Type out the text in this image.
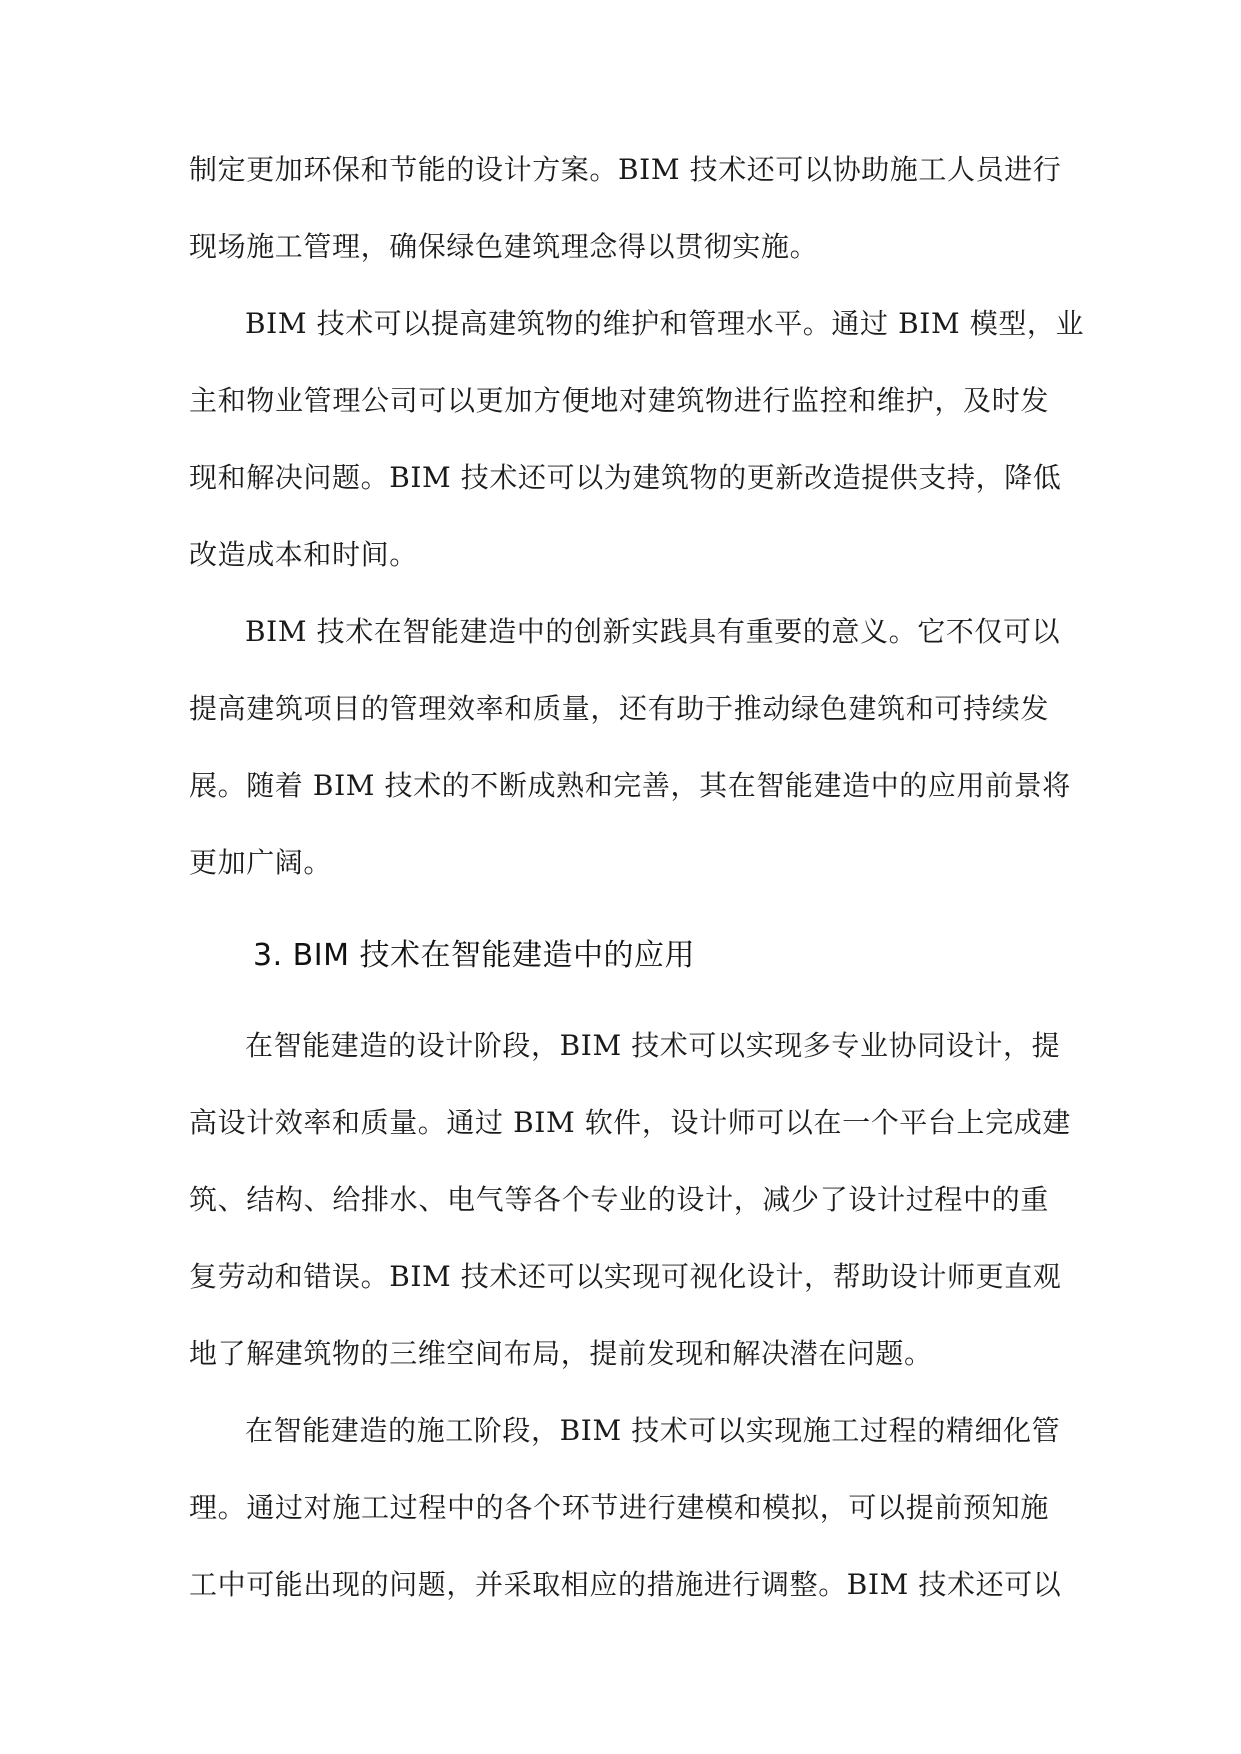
制定更加环保和节能的设计方案。BIM 技术还可以协助施工人员进行
现场施工管理，确保绿色建筑理念得以贯彻实施。
BIM 技术可以提高建筑物的维护和管理水平。通过 BIM 模型，业
主和物业管理公司可以更加方便地对建筑物进行监控和维护，及时发
现和解决问题。BIM 技术还可以为建筑物的更新改造提供支持，降低
改造成本和时间。
BIM 技术在智能建造中的创新实践具有重要的意义。它不仅可以
提高建筑项目的管理效率和质量，还有助于推动绿色建筑和可持续发
展。随着 BIM 技术的不断成熟和完善，其在智能建造中的应用前景将
更加广阔。
3. BIM 技术在智能建造中的应用
在智能建造的设计阶段，BIM 技术可以实现多专业协同设计，提
高设计效率和质量。通过 BIM 软件，设计师可以在一个平台上完成建
筑、结构、给排水、电气等各个专业的设计，减少了设计过程中的重
复劳动和错误。BIM 技术还可以实现可视化设计，帮助设计师更直观
地了解建筑物的三维空间布局，提前发现和解决潜在问题。
在智能建造的施工阶段，BIM 技术可以实现施工过程的精细化管
理。通过对施工过程中的各个环节进行建模和模拟，可以提前预知施
工中可能出现的问题，并采取相应的措施进行调整。BIM 技术还可以
